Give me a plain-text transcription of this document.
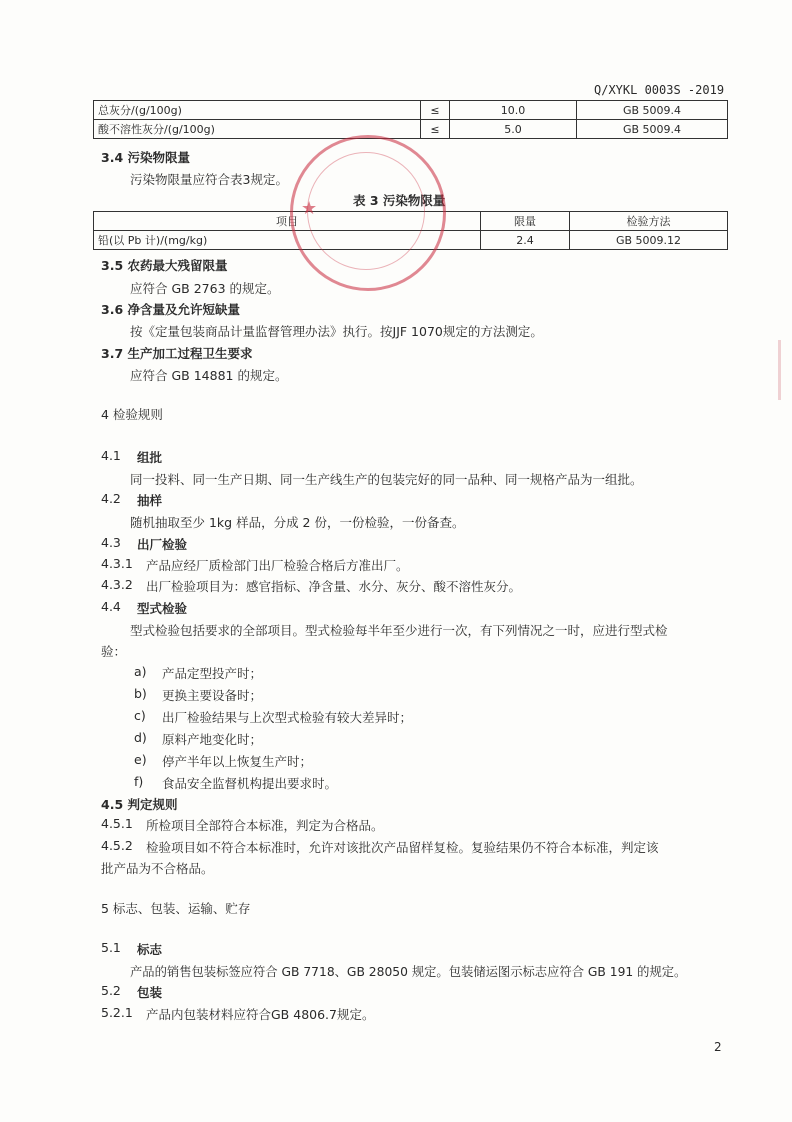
Q/XYKL 0003S -2019
总灰分/(g/100g)	≤	10.0	GB 5009.4
酸不溶性灰分/(g/100g)	≤	5.0	GB 5009.4
3.4 污染物限量
污染物限量应符合表3规定。
表 3 污染物限量
项目	限量	检验方法
铅(以 Pb 计)/(mg/kg)	2.4	GB 5009.12
★
3.5 农药最大残留限量
应符合 GB 2763 的规定。
3.6 净含量及允许短缺量
按《定量包装商品计量监督管理办法》执行。按JJF 1070规定的方法测定。
3.7 生产加工过程卫生要求
应符合 GB 14881 的规定。
4 检验规则
4.1 组批
同一投料、同一生产日期、同一生产线生产的包装完好的同一品种、同一规格产品为一组批。
4.2 抽样
随机抽取至少 1kg 样品，分成 2 份，一份检验，一份备查。
4.3 出厂检验
4.3.1 产品应经厂质检部门出厂检验合格后方准出厂。
4.3.2 出厂检验项目为：感官指标、净含量、水分、灰分、酸不溶性灰分。
4.4 型式检验
型式检验包括要求的全部项目。型式检验每半年至少进行一次，有下列情况之一时，应进行型式检
验：
a) 产品定型投产时；
b) 更换主要设备时；
c) 出厂检验结果与上次型式检验有较大差异时；
d) 原料产地变化时；
e) 停产半年以上恢复生产时；
f) 食品安全监督机构提出要求时。
4.5 判定规则
4.5.1 所检项目全部符合本标准，判定为合格品。
4.5.2 检验项目如不符合本标准时，允许对该批次产品留样复检。复验结果仍不符合本标准，判定该
批产品为不合格品。
5 标志、包装、运输、贮存
5.1 标志
产品的销售包装标签应符合 GB 7718、GB 28050 规定。包装储运图示标志应符合 GB 191 的规定。
5.2 包装
5.2.1 产品内包装材料应符合GB 4806.7规定。
2
